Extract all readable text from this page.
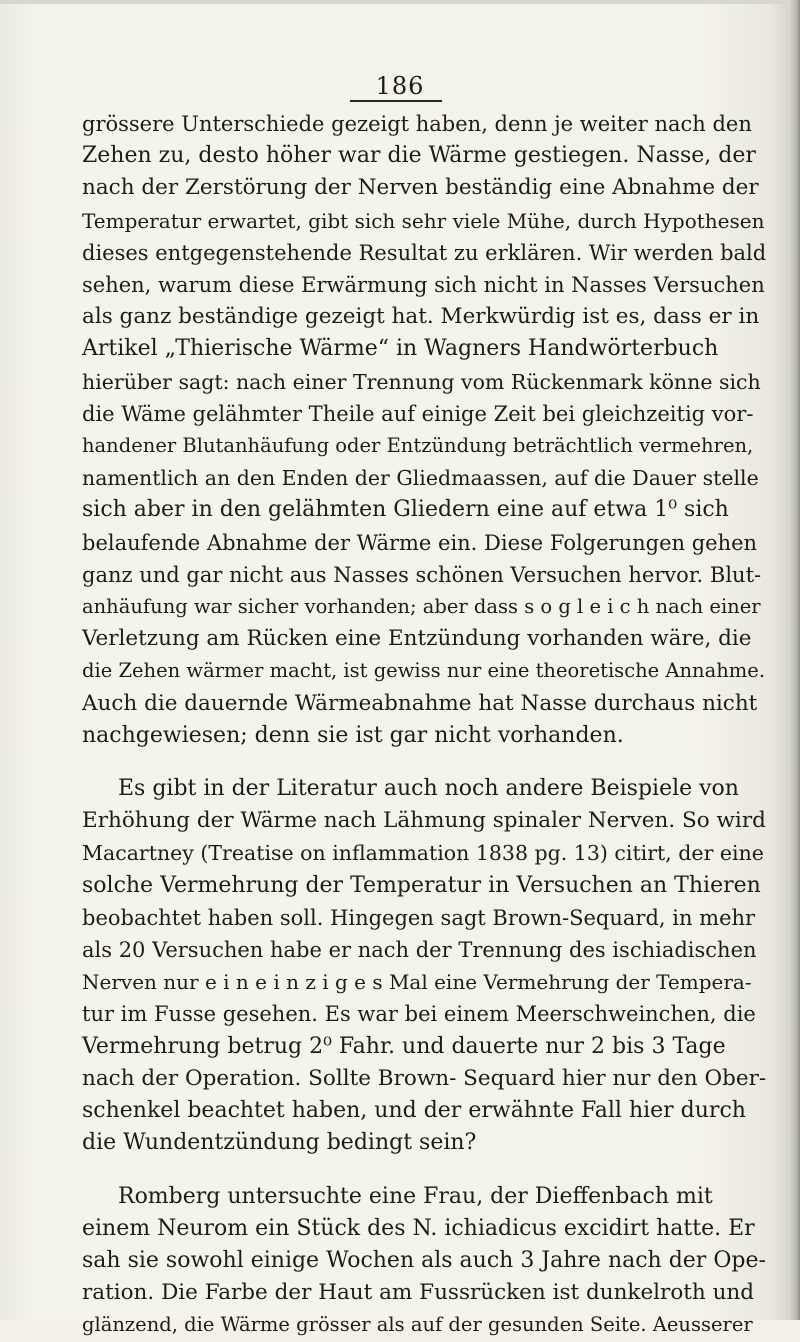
186

grössere Unterschiede gezeigt haben, denn je weiter nach den
Zehen zu, desto höher war die Wärme gestiegen. Nasse, der
nach der Zerstörung der Nerven beständig eine Abnahme der
Temperatur erwartet, gibt sich sehr viele Mühe, durch Hypothesen
dieses entgegenstehende Resultat zu erklären. Wir werden bald
sehen, warum diese Erwärmung sich nicht in Nasses Versuchen
als ganz beständige gezeigt hat. Merkwürdig ist es, dass er in
Artikel „Thierische Wärme“ in Wagners Handwörterbuch
hierüber sagt: nach einer Trennung vom Rückenmark könne sich
die Wäme gelähmter Theile auf einige Zeit bei gleichzeitig vor-
handener Blutanhäufung oder Entzündung beträchtlich vermehren,
namentlich an den Enden der Gliedmaassen, auf die Dauer stelle
sich aber in den gelähmten Gliedern eine auf etwa 1⁰ sich
belaufende Abnahme der Wärme ein. Diese Folgerungen gehen
ganz und gar nicht aus Nasses schönen Versuchen hervor. Blut-
anhäufung war sicher vorhanden; aber dass s o g l e i c h nach einer
Verletzung am Rücken eine Entzündung vorhanden wäre, die
die Zehen wärmer macht, ist gewiss nur eine theoretische Annahme.
Auch die dauernde Wärmeabnahme hat Nasse durchaus nicht
nachgewiesen; denn sie ist gar nicht vorhanden.

Es gibt in der Literatur auch noch andere Beispiele von
Erhöhung der Wärme nach Lähmung spinaler Nerven. So wird
Macartney (Treatise on inflammation 1838 pg. 13) citirt, der eine
solche Vermehrung der Temperatur in Versuchen an Thieren
beobachtet haben soll. Hingegen sagt Brown-Sequard, in mehr
als 20 Versuchen habe er nach der Trennung des ischiadischen
Nerven nur e i n e i n z i g e s Mal eine Vermehrung der Tempera-
tur im Fusse gesehen. Es war bei einem Meerschweinchen, die
Vermehrung betrug 2⁰ Fahr. und dauerte nur 2 bis 3 Tage
nach der Operation. Sollte Brown- Sequard hier nur den Ober-
schenkel beachtet haben, und der erwähnte Fall hier durch
die Wundentzündung bedingt sein?

Romberg untersuchte eine Frau, der Dieffenbach mit
einem Neurom ein Stück des N. ichiadicus excidirt hatte. Er
sah sie sowohl einige Wochen als auch 3 Jahre nach der Ope-
ration. Die Farbe der Haut am Fussrücken ist dunkelroth und
glänzend, die Wärme grösser als auf der gesunden Seite. Aeusserer
